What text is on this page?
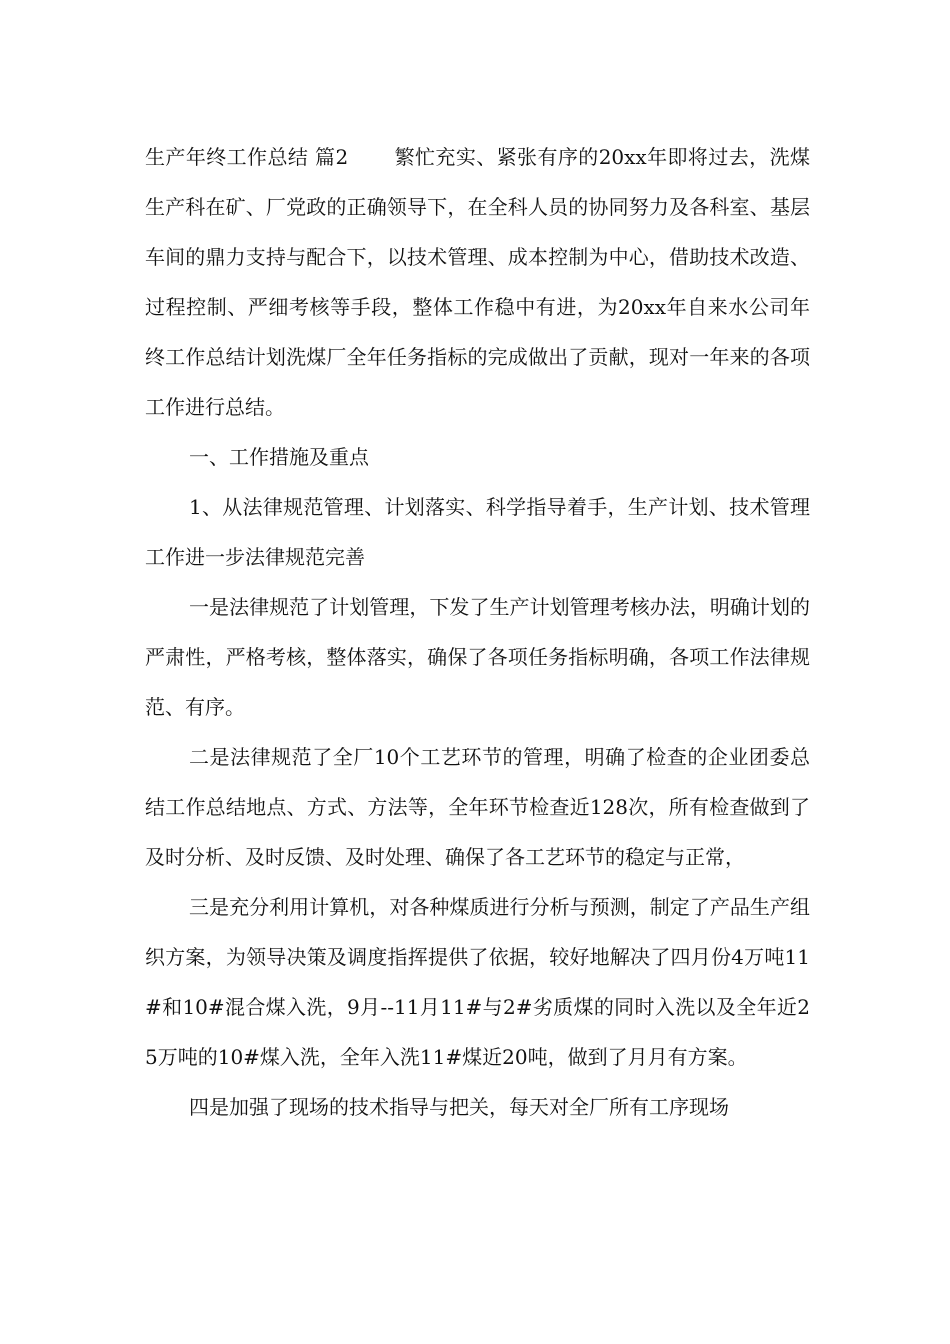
生产年终工作总结 篇2 繁忙充实、紧张有序的20xx年即将过去，洗煤生产科在矿、厂党政的正确领导下，在全科人员的协同努力及各科室、基层车间的鼎力支持与配合下，以技术管理、成本控制为中心，借助技术改造、过程控制、严细考核等手段，整体工作稳中有进，为20xx年自来水公司年终工作总结计划洗煤厂全年任务指标的完成做出了贡献，现对一年来的各项工作进行总结。

一、工作措施及重点

1、从法律规范管理、计划落实、科学指导着手，生产计划、技术管理工作进一步法律规范完善

一是法律规范了计划管理，下发了生产计划管理考核办法，明确计划的严肃性，严格考核，整体落实，确保了各项任务指标明确，各项工作法律规范、有序。

二是法律规范了全厂10个工艺环节的管理，明确了检查的企业团委总结工作总结地点、方式、方法等，全年环节检查近128次，所有检查做到了及时分析、及时反馈、及时处理、确保了各工艺环节的稳定与正常，

三是充分利用计算机，对各种煤质进行分析与预测，制定了产品生产组织方案，为领导决策及调度指挥提供了依据，较好地解决了四月份4万吨11#和10#混合煤入洗，9月--11月11#与2#劣质煤的同时入洗以及全年近25万吨的10#煤入洗，全年入洗11#煤近20吨，做到了月月有方案。

四是加强了现场的技术指导与把关，每天对全厂所有工序现场
